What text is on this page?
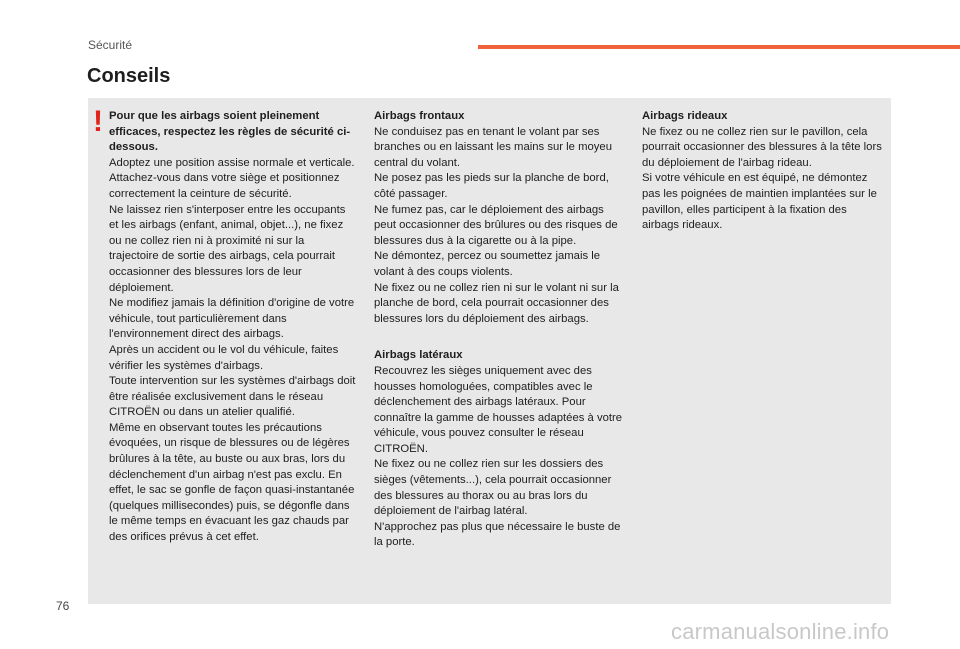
Sécurité
Conseils
! Pour que les airbags soient pleinement efficaces, respectez les règles de sécurité ci-dessous.

Adoptez une position assise normale et verticale.

Attachez-vous dans votre siège et positionnez correctement la ceinture de sécurité.

Ne laissez rien s'interposer entre les occupants et les airbags (enfant, animal, objet...), ne fixez ou ne collez rien ni à proximité ni sur la trajectoire de sortie des airbags, cela pourrait occasionner des blessures lors de leur déploiement.

Ne modifiez jamais la définition d'origine de votre véhicule, tout particulièrement dans l'environnement direct des airbags.

Après un accident ou le vol du véhicule, faites vérifier les systèmes d'airbags.

Toute intervention sur les systèmes d'airbags doit être réalisée exclusivement dans le réseau CITROËN ou dans un atelier qualifié.

Même en observant toutes les précautions évoquées, un risque de blessures ou de légères brûlures à la tête, au buste ou aux bras, lors du déclenchement d'un airbag n'est pas exclu. En effet, le sac se gonfle de façon quasi-instantanée (quelques millisecondes) puis, se dégonfle dans le même temps en évacuant les gaz chauds par des orifices prévus à cet effet.

Airbags frontaux

Ne conduisez pas en tenant le volant par ses branches ou en laissant les mains sur le moyeu central du volant.

Ne posez pas les pieds sur la planche de bord, côté passager.

Ne fumez pas, car le déploiement des airbags peut occasionner des brûlures ou des risques de blessures dus à la cigarette ou à la pipe.

Ne démontez, percez ou soumettez jamais le volant à des coups violents.

Ne fixez ou ne collez rien ni sur le volant ni sur la planche de bord, cela pourrait occasionner des blessures lors du déploiement des airbags.

Airbags latéraux

Recouvrez les sièges uniquement avec des housses homologuées, compatibles avec le déclenchement des airbags latéraux. Pour connaître la gamme de housses adaptées à votre véhicule, vous pouvez consulter le réseau CITROËN.

Ne fixez ou ne collez rien sur les dossiers des sièges (vêtements...), cela pourrait occasionner des blessures au thorax ou au bras lors du déploiement de l'airbag latéral.

N'approchez pas plus que nécessaire le buste de la porte.

Airbags rideaux

Ne fixez ou ne collez rien sur le pavillon, cela pourrait occasionner des blessures à la tête lors du déploiement de l'airbag rideau.

Si votre véhicule en est équipé, ne démontez pas les poignées de maintien implantées sur le pavillon, elles participent à la fixation des airbags rideaux.

76
carmanualsonline.info
